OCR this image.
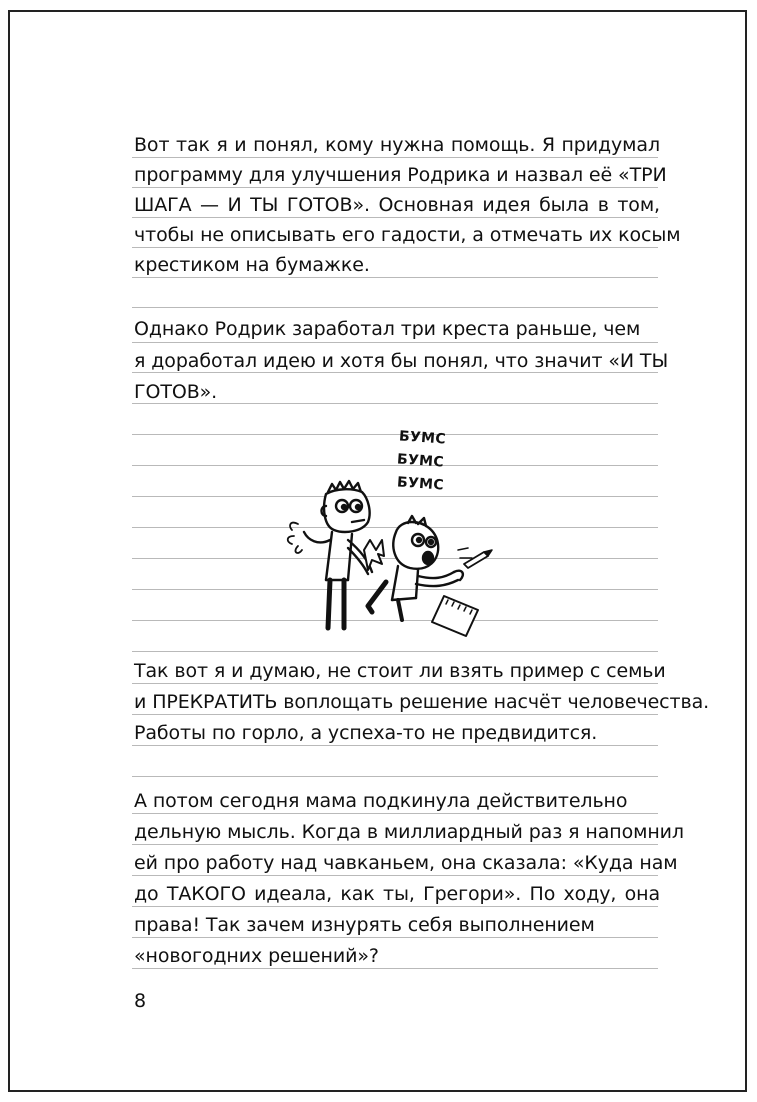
Вот так я и понял, кому нужна помощь. Я придумал
программу для улучшения Родрика и назвал её «ТРИ
ШАГА — И ТЫ ГОТОВ». Основная идея была в том,
чтобы не описывать его гадости, а отмечать их косым
крестиком на бумажке.
Однако Родрик заработал три креста раньше, чем
я доработал идею и хотя бы понял, что значит «И ТЫ
ГОТОВ».
БУМС
БУМС
БУМС
Так вот я и думаю, не стоит ли взять пример с семьи
и ПРЕКРАТИТЬ воплощать решение насчёт человечества.
Работы по горло, а успеха-то не предвидится.
А потом сегодня мама подкинула действительно
дельную мысль. Когда в миллиардный раз я напомнил
ей про работу над чавканьем, она сказала: «Куда нам
до ТАКОГО идеала, как ты, Грегори». По ходу, она
права! Так зачем изнурять себя выполнением
«новогодних решений»?
8
